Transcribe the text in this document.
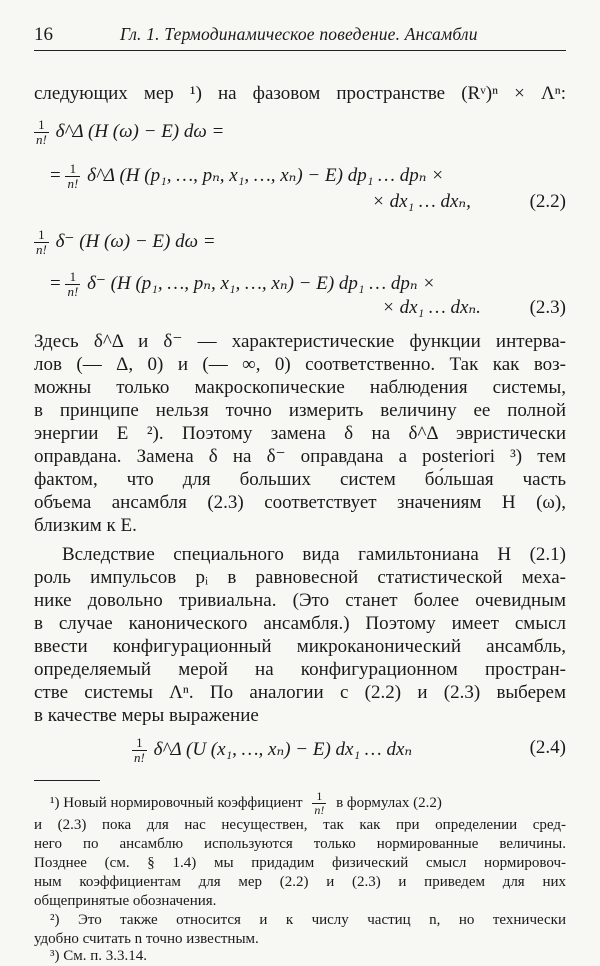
16	Гл. 1. Термодинамическое поведение. Ансамбли
следующих мер ¹) на фазовом пространстве (Rᵛ)ⁿ × Λⁿ:
$\frac{1}{n!}$ δ^Δ (H (ω) − E) dω =
= $\frac{1}{n!}$ δ^Δ (H (p₁, …, pₙ, x₁, …, xₙ) − E) dp₁ … dpₙ ×
× dx₁ … dxₙ,	(2.2)
$\frac{1}{n!} \delta^-$ (H (ω) − E) dω =
= $\frac{1}{n!} \delta^-$ (H (p₁, …, pₙ, x₁, …, xₙ) − E) dp₁ … dpₙ ×
× dx₁ … dxₙ.	(2.3)
Здесь δ^Δ и δ⁻ — характеристические функции интерва-
лов (— Δ, 0) и (— ∞, 0) соответственно. Так как воз-
можны только макроскопические наблюдения системы,
в принципе нельзя точно измерить величину ее полной
энергии E ²). Поэтому замена δ на δ^Δ эвристически
оправдана. Замена δ на δ⁻ оправдана a posteriori ³) тем
фактом, что для больших систем бо́льшая часть
объема ансамбля (2.3) соответствует значениям H (ω),
близким к E.
Вследствие специального вида гамильтониана H (2.1)
роль импульсов pᵢ в равновесной статистической меха-
нике довольно тривиальна. (Это станет более очевидным
в случае канонического ансамбля.) Поэтому имеет смысл
ввести конфигурационный микроканонический ансамбль,
определяемый мерой на конфигурационном простран-
стве системы Λⁿ. По аналогии с (2.2) и (2.3) выберем
в качестве меры выражение
$\frac{1}{n!}$ δ^Δ (U (x₁, …, xₙ) − E) dx₁ … dxₙ	(2.4)
¹) Новый нормировочный коэффициент $\frac{1}{n!}$ в формулах (2.2)
и (2.3) пока для нас несуществен, так как при определении сред-
него по ансамблю используются только нормированные величины.
Позднее (см. § 1.4) мы придадим физический смысл нормировоч-
ным коэффициентам для мер (2.2) и (2.3) и приведем для них
общепринятые обозначения.
²) Это также относится и к числу частиц n, но технически
удобно считать n точно известным.
³) См. п. 3.3.14.
